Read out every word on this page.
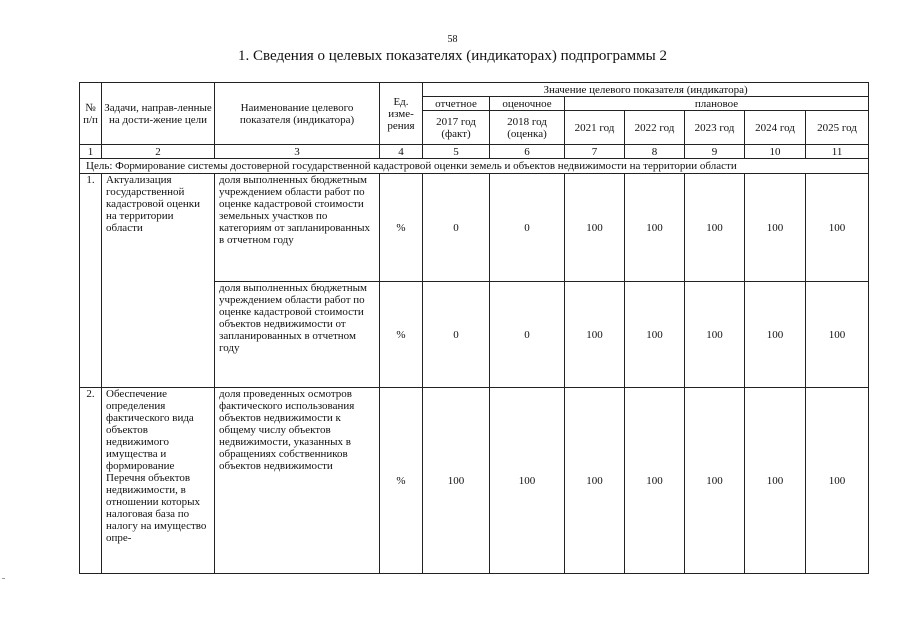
58
1. Сведения о целевых показателях (индикаторах) подпрограммы 2
№ п/п	Задачи, направ-ленные на дости-жение цели	Наименование целевого показателя (индикатора)	Ед. изме-рения	Значение целевого показателя (индикатора)						
				отчетное	оценочное	плановое				
				2017 год (факт)	2018 год (оценка)	2021 год	2022 год	2023 год	2024 год	2025 год
1	2	3	4	5	6	7	8	9	10	11
Цель: Формирование системы достоверной государственной кадастровой оценки земель и объектов недвижимости на территории области										
1.	Актуализация государственной кадастровой оценки на территории области	доля выполненных бюджетным учреждением области работ по оценке кадастровой стоимости земельных участков по категориям от запланированных в отчетном году	%	0	0	100	100	100	100	100
		доля выполненных бюджетным учреждением области работ по оценке кадастровой стоимости объектов недвижимости от запланированных в отчетном году	%	0	0	100	100	100	100	100
2.	Обеспечение определения фактического вида объектов недвижимого имущества и формирование Перечня объектов недвижимости, в отношении которых налоговая база по налогу на имущество опре-	доля проведенных осмотров фактического использования объектов недвижимости к общему числу объектов недвижимости, указанных в обращениях собственников объектов недвижимости	%	100	100	100	100	100	100	100
